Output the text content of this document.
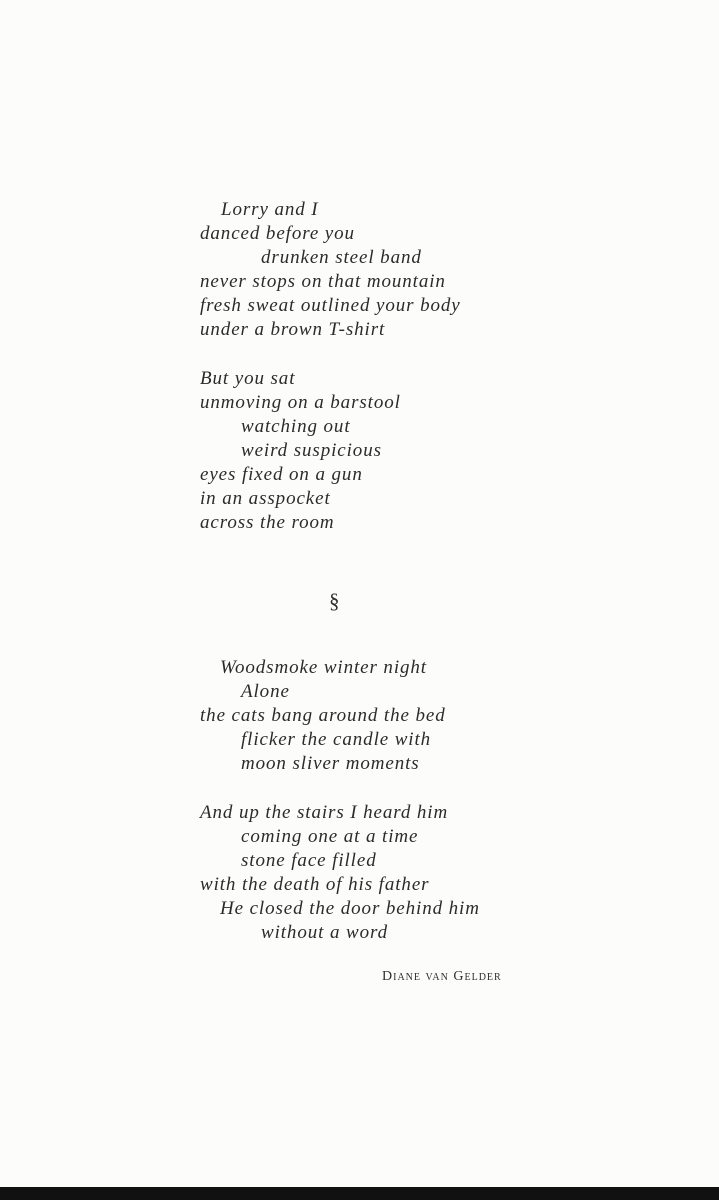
Lorry and I
danced before you
drunken steel band
never stops on that mountain
fresh sweat outlined your body
under a brown T-shirt
But you sat
unmoving on a barstool
watching out
weird suspicious
eyes fixed on a gun
in an asspocket
across the room
§
Woodsmoke winter night
Alone
the cats bang around the bed
flicker the candle with
moon sliver moments
And up the stairs I heard him
coming one at a time
stone face filled
with the death of his father
He closed the door behind him
without a word
Diane van Gelder
